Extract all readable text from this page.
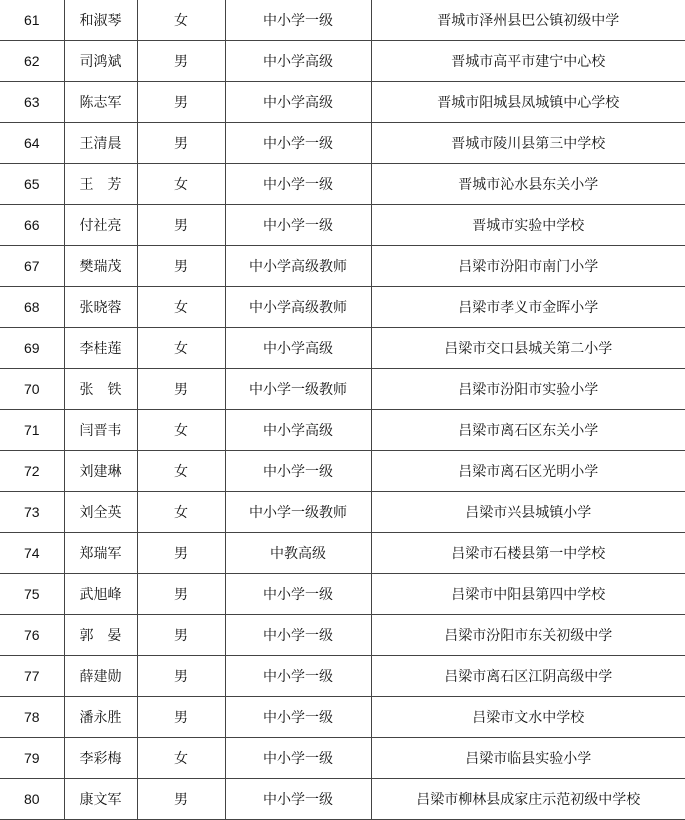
61	和淑琴	女	中小学一级	晋城市泽州县巴公镇初级中学
62	司鸿斌	男	中小学高级	晋城市高平市建宁中心校
63	陈志军	男	中小学高级	晋城市阳城县凤城镇中心学校
64	王清晨	男	中小学一级	晋城市陵川县第三中学校
65	王　芳	女	中小学一级	晋城市沁水县东关小学
66	付社亮	男	中小学一级	晋城市实验中学校
67	樊瑞茂	男	中小学高级教师	吕梁市汾阳市南门小学
68	张晓蓉	女	中小学高级教师	吕梁市孝义市金晖小学
69	李桂莲	女	中小学高级	吕梁市交口县城关第二小学
70	张　铁	男	中小学一级教师	吕梁市汾阳市实验小学
71	闫晋韦	女	中小学高级	吕梁市离石区东关小学
72	刘建琳	女	中小学一级	吕梁市离石区光明小学
73	刘全英	女	中小学一级教师	吕梁市兴县城镇小学
74	郑瑞军	男	中教高级	吕梁市石楼县第一中学校
75	武旭峰	男	中小学一级	吕梁市中阳县第四中学校
76	郭　晏	男	中小学一级	吕梁市汾阳市东关初级中学
77	薛建勋	男	中小学一级	吕梁市离石区江阴高级中学
78	潘永胜	男	中小学一级	吕梁市文水中学校
79	李彩梅	女	中小学一级	吕梁市临县实验小学
80	康文军	男	中小学一级	吕梁市柳林县成家庄示范初级中学校
